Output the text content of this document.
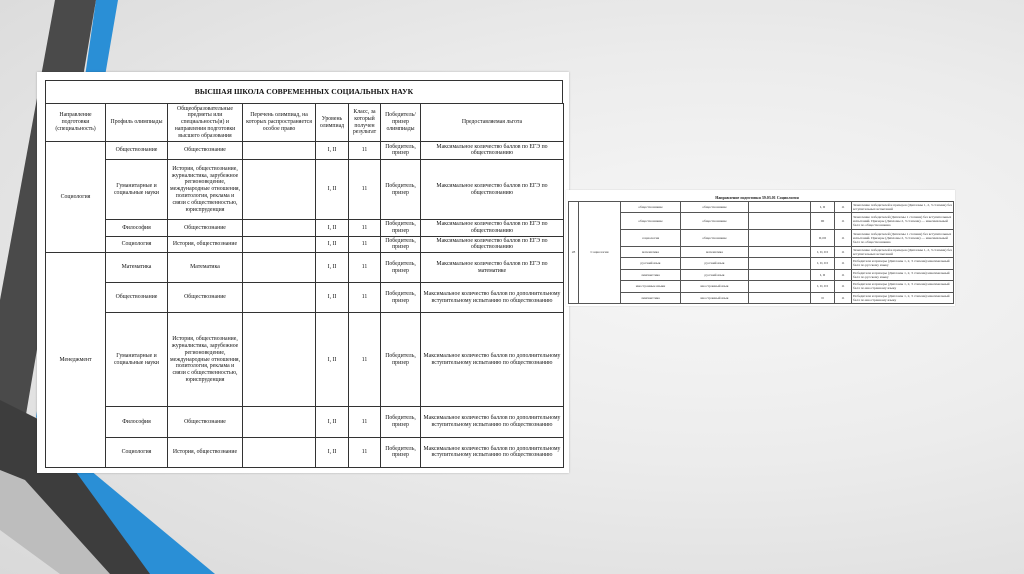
ВЫСШАЯ ШКОЛА СОВРЕМЕННЫХ СОЦИАЛЬНЫХ НАУК
Направление подготовки (специальность)	Профиль олимпиады	Общеобразовательные предметы или специальность(и) и направления подготовки высшего образования	Перечень олимпиад, на которых распространяется особое право	Уровень олимпиад	Класс, за который получен результат	Победитель/ призер олимпиады	Предоставляемая льгота
Социология	Обществознание	Обществознание		I, II	11	Победитель, призер	Максимальное количество баллов по ЕГЭ по обществознанию
	Гуманитарные и социальные науки	История, обществознание, журналистика, зарубежное регионоведение, международные отношения, политология, реклама и связи с общественностью, юриспруденция		I, II	11	Победитель, призер	Максимальное количество баллов по ЕГЭ по обществознанию
	Философия	Обществознание		I, II	11	Победитель, призер	Максимальное количество баллов по ЕГЭ по обществознанию
	Социология	История, обществознание		I, II	11	Победитель, призер	Максимальное количество баллов по ЕГЭ по обществознанию
Менеджмент	Математика	Математика		I, II	11	Победитель, призер	Максимальное количество баллов по ЕГЭ по математике
	Обществознание	Обществознание		I, II	11	Победитель, призер	Максимальное количество баллов по дополнительному вступительному испытанию по обществознанию
	Гуманитарные и социальные науки	История, обществознание, журналистика, зарубежное регионоведение, международные отношения, политология, реклама и связи с общественностью, юриспруденция		I, II	11	Победитель, призер	Максимальное количество баллов по дополнительному вступительному испытанию по обществознанию
	Философия	Обществознание		I, II	11	Победитель, призер	Максимальное количество баллов по дополнительному вступительному испытанию по обществознанию
	Социология	История, обществознание		I, II	11	Победитель, призер	Максимальное количество баллов по дополнительному вступительному испытанию по обществознанию
Направление подготовки 39.03.01 Социология
28	Социология	обществознание	обществознание		I, II	11	Зачисление победителей и призеров (Дипломы 1, 2, 3 степени) без вступительных испытаний
		обществознание	обществознание		III	11	Зачисление победителей (Дипломы 1 степени) без вступительных испытаний. Призеры (Дипломы 2, 3 степени) — максимальный балл по обществознанию
		социология	обществознание		II,III	11	Зачисление победителей (Дипломы 1 степени) без вступительных испытаний. Призеры (Дипломы 2, 3 степени) — максимальный балл по обществознанию
		математика	математика		I, II, III	11	Зачисление победителей и призеров (Дипломы 1, 2, 3 степени) без вступительных испытаний
		русский язык	русский язык		I, II, III	11	Победители и призеры (Дипломы 1, 2, 3 степени) максимальный балл по русскому языку
		лингвистика	русский язык		I, II	11	Победители и призеры (Дипломы 1, 2, 3 степени) максимальный балл по русскому языку
		иностранные языки	иностранный язык		I, II, III	11	Победители и призеры (Дипломы 1, 2, 3 степени) максимальный балл по иностранному языку
		лингвистика	иностранный язык		II	11	Победители и призеры (Дипломы 1, 2, 3 степени) максимальный балл по иностранному языку
